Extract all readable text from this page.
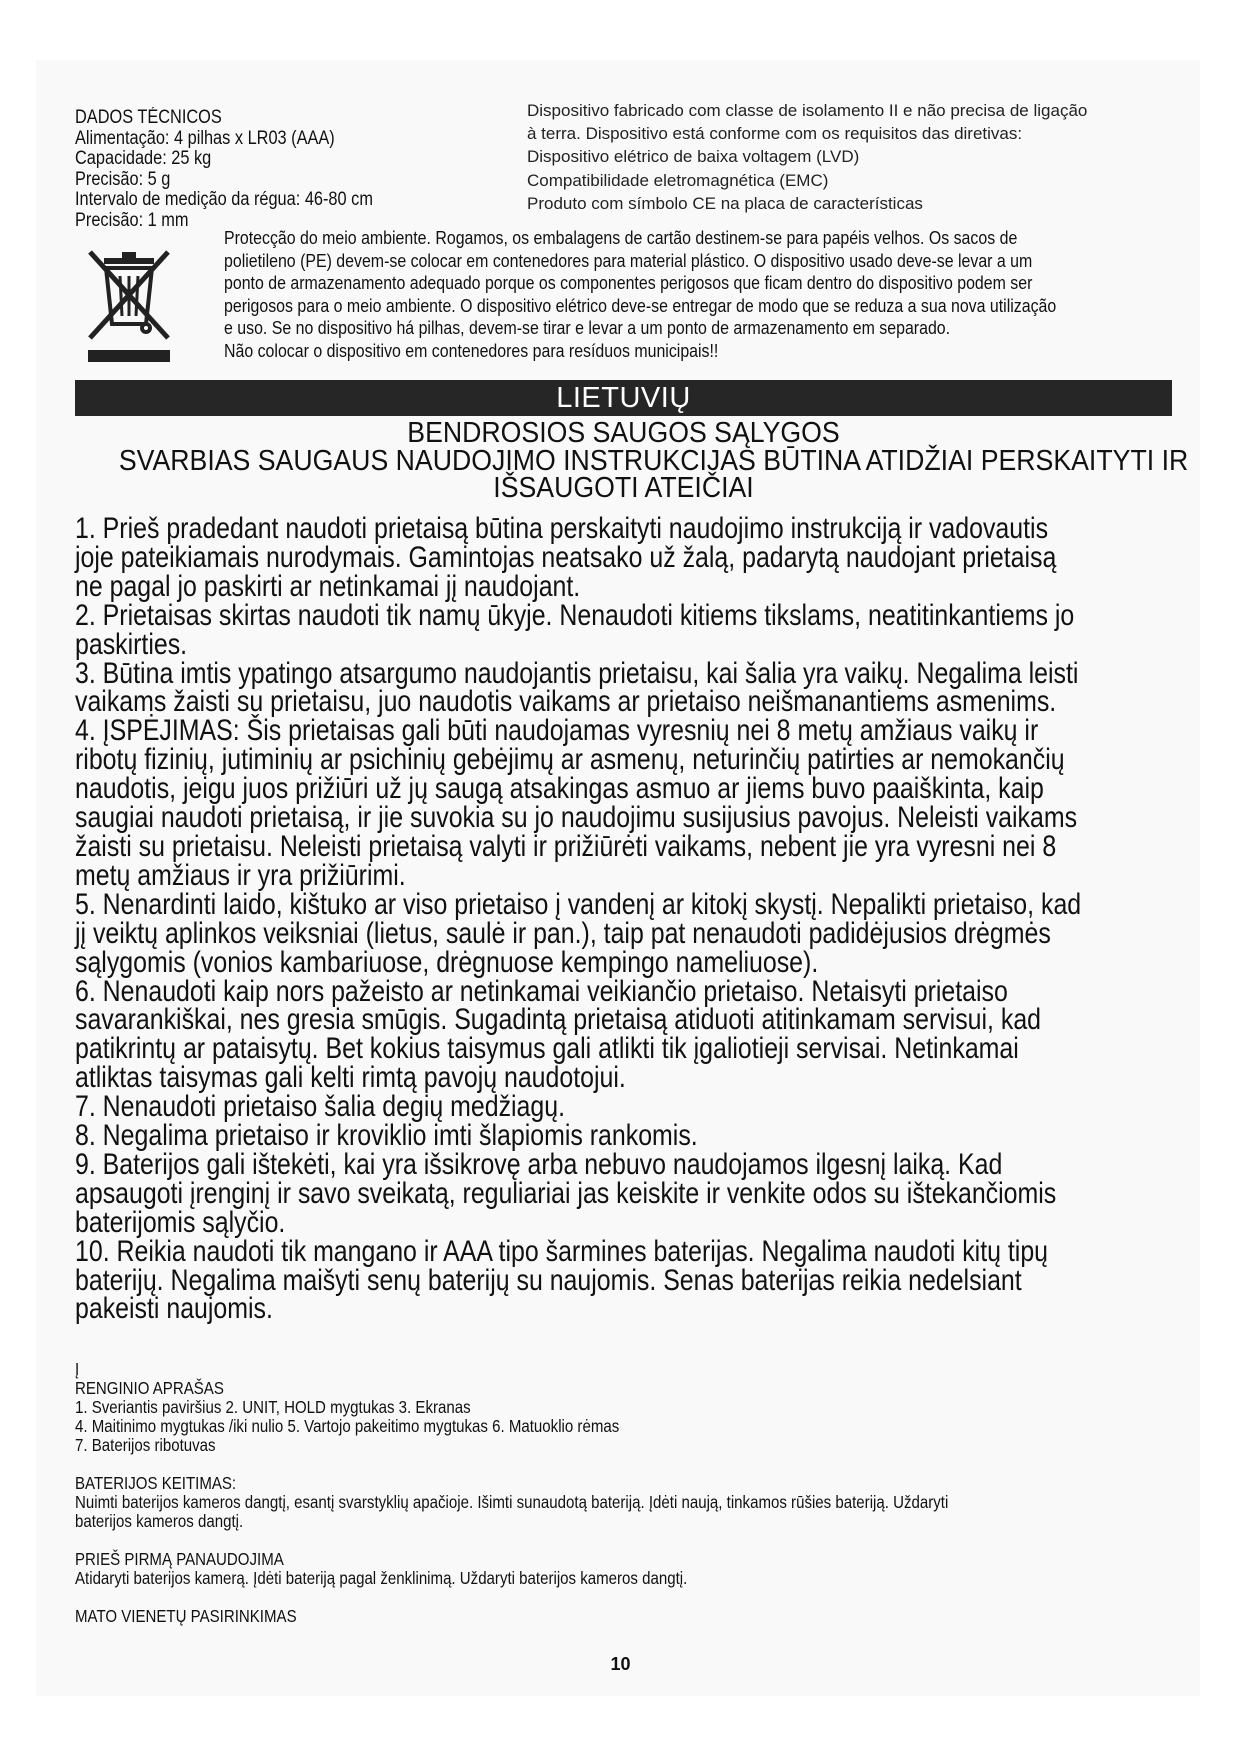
DADOS TÉCNICOS
Alimentação: 4 pilhas x LR03 (AAA)
Capacidade: 25 kg
Precisão: 5 g
Intervalo de medição da régua: 46-80 cm
Precisão: 1 mm
Dispositivo fabricado com classe de isolamento II e não precisa de ligação
à terra. Dispositivo está conforme com os requisitos das diretivas:
Dispositivo elétrico de baixa voltagem (LVD)
Compatibilidade eletromagnética (EMC)
Produto com símbolo CE na placa de características
Protecção do meio ambiente. Rogamos, os embalagens de cartão destinem-se para papéis velhos. Os sacos de
polietileno (PE) devem-se colocar em contenedores para material plástico. O dispositivo usado deve-se levar a um
ponto de armazenamento adequado porque os componentes perigosos que ficam dentro do dispositivo podem ser
perigosos para o meio ambiente. O dispositivo elétrico deve-se entregar de modo que se reduza a sua nova utilização
e uso. Se no dispositivo há pilhas, devem-se tirar e levar a um ponto de armazenamento em separado.
Não colocar o dispositivo em contenedores para resíduos municipais!!
LIETUVIŲ
BENDROSIOS SAUGOS SĄLYGOS
SVARBIAS SAUGAUS NAUDOJIMO INSTRUKCIJAS BŪTINA ATIDŽIAI PERSKAITYTI IR
IŠSAUGOTI ATEIČIAI
1. Prieš pradedant naudoti prietaisą būtina perskaityti naudojimo instrukciją ir vadovautis
joje pateikiamais nurodymais. Gamintojas neatsako už žalą, padarytą naudojant prietaisą
ne pagal jo paskirti ar netinkamai jį naudojant.
2. Prietaisas skirtas naudoti tik namų ūkyje. Nenaudoti kitiems tikslams, neatitinkantiems jo
paskirties.
3. Būtina imtis ypatingo atsargumo naudojantis prietaisu, kai šalia yra vaikų. Negalima leisti
vaikams žaisti su prietaisu, juo naudotis vaikams ar prietaiso neišmanantiems asmenims.
4. ĮSPĖJIMAS: Šis prietaisas gali būti naudojamas vyresnių nei 8 metų amžiaus vaikų ir
ribotų fizinių, jutiminių ar psichinių gebėjimų ar asmenų, neturinčių patirties ar nemokančių
naudotis, jeigu juos prižiūri už jų saugą atsakingas asmuo ar jiems buvo paaiškinta, kaip
saugiai naudoti prietaisą, ir jie suvokia su jo naudojimu susijusius pavojus. Neleisti vaikams
žaisti su prietaisu. Neleisti prietaisą valyti ir prižiūrėti vaikams, nebent jie yra vyresni nei 8
metų amžiaus ir yra prižiūrimi.
5. Nenardinti laido, kištuko ar viso prietaiso į vandenį ar kitokį skystį. Nepalikti prietaiso, kad
jį veiktų aplinkos veiksniai (lietus, saulė ir pan.), taip pat nenaudoti padidėjusios drėgmės
sąlygomis (vonios kambariuose, drėgnuose kempingo nameliuose).
6. Nenaudoti kaip nors pažeisto ar netinkamai veikiančio prietaiso. Netaisyti prietaiso
savarankiškai, nes gresia smūgis. Sugadintą prietaisą atiduoti atitinkamam servisui, kad
patikrintų ar pataisytų. Bet kokius taisymus gali atlikti tik įgaliotieji servisai. Netinkamai
atliktas taisymas gali kelti rimtą pavojų naudotojui.
7. Nenaudoti prietaiso šalia degių medžiagų.
8. Negalima prietaiso ir kroviklio imti šlapiomis rankomis.
9. Baterijos gali ištekėti, kai yra išsikrovę arba nebuvo naudojamos ilgesnį laiką. Kad
apsaugoti įrenginį ir savo sveikatą, reguliariai jas keiskite ir venkite odos su ištekančiomis
baterijomis sąlyčio.
10. Reikia naudoti tik mangano ir AAA tipo šarmines baterijas. Negalima naudoti kitų tipų
baterijų. Negalima maišyti senų baterijų su naujomis. Senas baterijas reikia nedelsiant
pakeisti naujomis.
Į
RENGINIO APRAŠAS
1. Sveriantis paviršius 2. UNIT, HOLD mygtukas 3. Ekranas
4. Maitinimo mygtukas /iki nulio 5. Vartojo pakeitimo mygtukas 6. Matuoklio rėmas
7. Baterijos ribotuvas
BATERIJOS KEITIMAS:
Nuimti baterijos kameros dangtį, esantį svarstyklių apačioje. Išimti sunaudotą bateriją. Įdėti naują, tinkamos rūšies bateriją. Uždaryti
baterijos kameros dangtį.
PRIEŠ PIRMĄ PANAUDOJIMA
Atidaryti baterijos kamerą. Įdėti bateriją pagal ženklinimą. Uždaryti baterijos kameros dangtį.
MATO VIENETŲ PASIRINKIMAS
10
